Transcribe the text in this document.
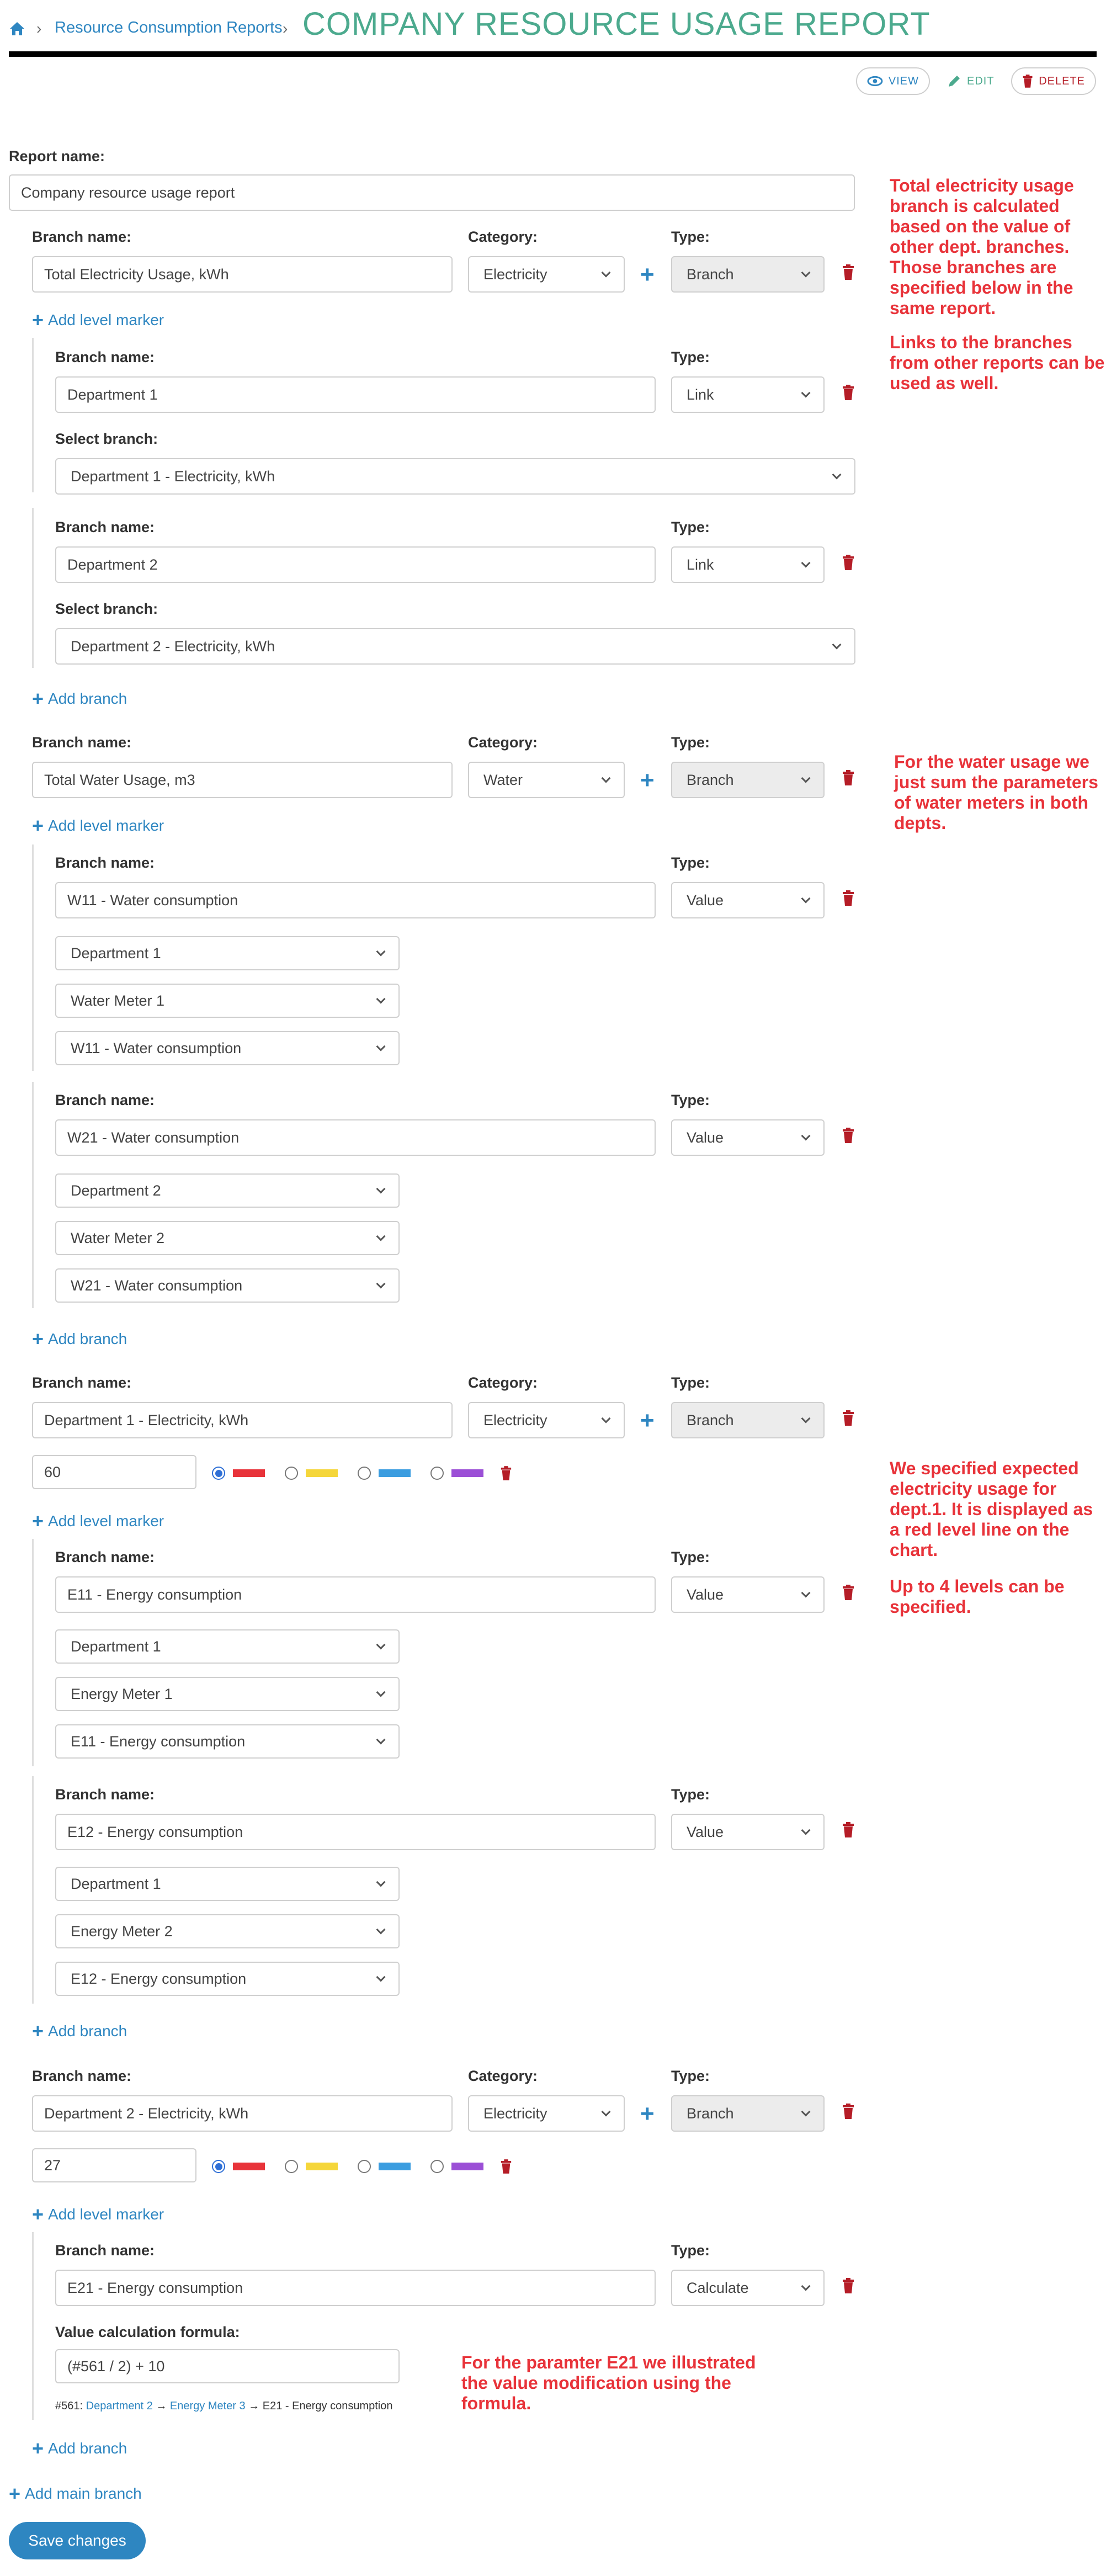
› Resource Consumption Reports › COMPANY RESOURCE USAGE REPORT
VIEW	EDIT	DELETE
Report name:
Company resource usage report	Total electricity usage branch is calculated based on the value of other dept. branches. Those branches are specified below in the same report.
Links to the branches from other reports can be used as well.
For the water usage we just sum the parameters of water meters in both depts.
We specified expected electricity usage for dept.1. It is displayed as a red level line on the chart.
Up to 4 levels can be specified.
For the paramter E21 we illustrated the value modification using the formula.
Branch name:	Category:	Type:
Total Electricity Usage, kWh	Electricity	+ Branch
+ Add level marker
Branch name:	Type:
Department 1	Link
Select branch:
Department 1 - Electricity, kWh
Branch name:	Type:
Department 2	Link
Select branch:
Department 2 - Electricity, kWh
+ Add branch
Branch name:	Category:	Type:
Total Water Usage, m3	Water	+ Branch
+ Add level marker
Branch name:	Type:
W11 - Water consumption	Value
Department 1
Water Meter 1
W11 - Water consumption
Branch name:	Type:
W21 - Water consumption	Value
Department 2
Water Meter 2
W21 - Water consumption
+ Add branch
Branch name:	Category:	Type:
Department 1 - Electricity, kWh	Electricity	+ Branch
60
+ Add level marker
Branch name:	Type:
E11 - Energy consumption	Value
Department 1
Energy Meter 1
E11 - Energy consumption
Branch name:	Type:
E12 - Energy consumption	Value
Department 1
Energy Meter 2
E12 - Energy consumption
+ Add branch
Branch name:	Category:	Type:
Department 2 - Electricity, kWh	Electricity	+ Branch
27
+ Add level marker
Branch name:	Type:
E21 - Energy consumption	Calculate
Value calculation formula:
(#561 / 2) + 10
#561: Department 2 → Energy Meter 3 → E21 - Energy consumption
+ Add branch
+ Add main branch
Save changes
